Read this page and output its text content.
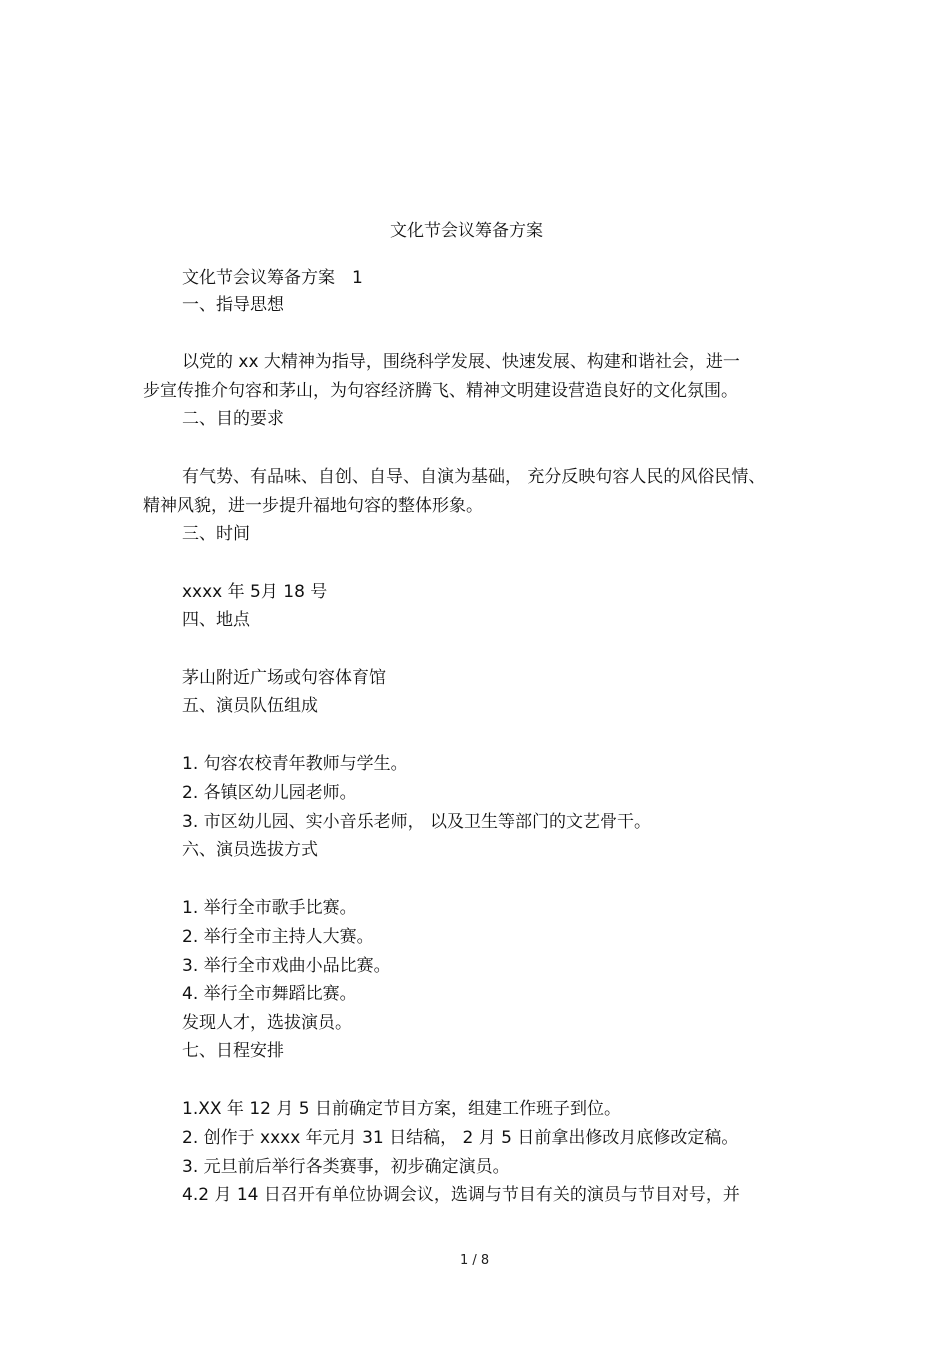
文化节会议筹备方案
文化节会议筹备方案　1
一、指导思想
以党的 xx 大精神为指导，围绕科学发展、快速发展、构建和谐社会，进一
步宣传推介句容和茅山，为句容经济腾飞、精神文明建设营造良好的文化氛围。
二、目的要求
有气势、有品味、自创、自导、自演为基础， 充分反映句容人民的风俗民情、
精神风貌，进一步提升福地句容的整体形象。
三、时间
xxxx 年 5月 18 号
四、地点
茅山附近广场或句容体育馆
五、演员队伍组成
1. 句容农校青年教师与学生。
2. 各镇区幼儿园老师。
3. 市区幼儿园、实小音乐老师， 以及卫生等部门的文艺骨干。
六、演员选拔方式
1. 举行全市歌手比赛。
2. 举行全市主持人大赛。
3. 举行全市戏曲小品比赛。
4. 举行全市舞蹈比赛。
发现人才，选拔演员。
七、日程安排
1.XX 年 12 月 5 日前确定节目方案，组建工作班子到位。
2. 创作于 xxxx 年元月 31 日结稿， 2 月 5 日前拿出修改月底修改定稿。
3. 元旦前后举行各类赛事，初步确定演员。
4.2 月 14 日召开有单位协调会议，选调与节目有关的演员与节目对号，并
1 / 8
